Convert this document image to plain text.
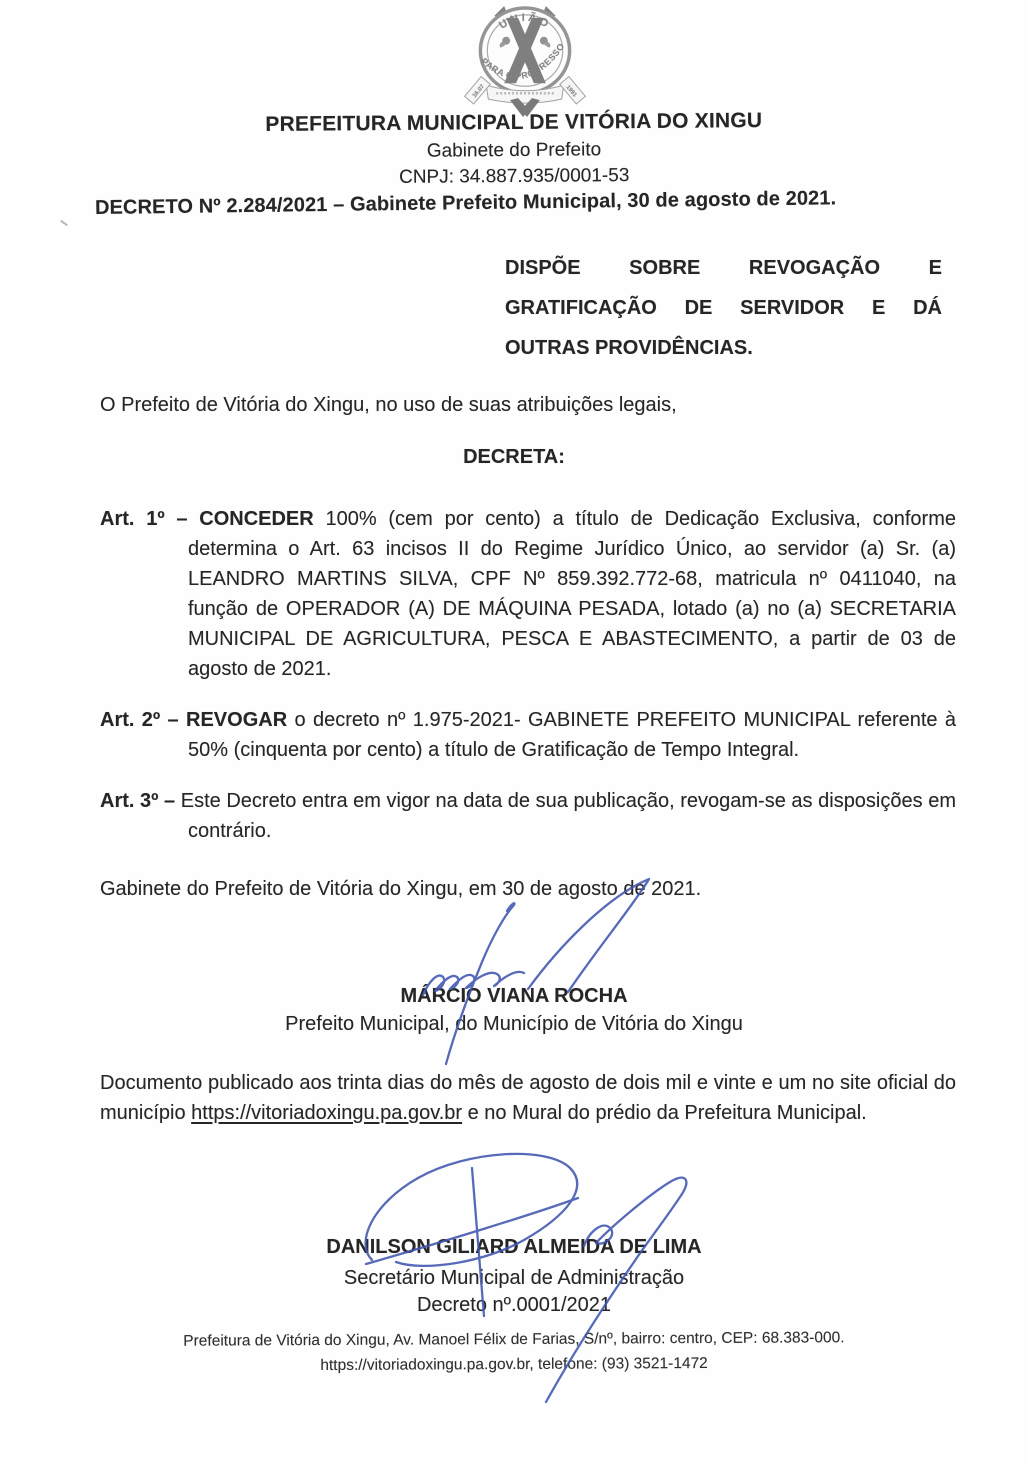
UNIÃO
PARA O PROGRESSO
16.07	1991
PREFEITURA MUNICIPAL DE VITÓRIA DO XINGU
Gabinete do Prefeito
CNPJ: 34.887.935/0001-53
DECRETO Nº 2.284/2021 – Gabinete Prefeito Municipal, 30 de agosto de 2021.
DISPÕE SOBRE REVOGAÇÃO E
GRATIFICAÇÃO DE SERVIDOR E DÁ
OUTRAS PROVIDÊNCIAS.
O Prefeito de Vitória do Xingu, no uso de suas atribuições legais,
DECRETA:
Art. 1º – CONCEDER 100% (cem por cento) a título de Dedicação Exclusiva, conforme determina o Art. 63 incisos II do Regime Jurídico Único, ao servidor (a) Sr. (a) LEANDRO MARTINS SILVA, CPF Nº 859.392.772-68, matricula nº 0411040, na função de OPERADOR (A) DE MÁQUINA PESADA, lotado (a) no (a) SECRETARIA MUNICIPAL DE AGRICULTURA, PESCA E ABASTECIMENTO, a partir de 03 de agosto de 2021.
Art. 2º – REVOGAR o decreto nº 1.975-2021- GABINETE PREFEITO MUNICIPAL referente à 50% (cinquenta por cento) a título de Gratificação de Tempo Integral.
Art. 3º – Este Decreto entra em vigor na data de sua publicação, revogam-se as disposições em contrário.
Gabinete do Prefeito de Vitória do Xingu, em 30 de agosto de 2021.
MÁRCIO VIANA ROCHA
Prefeito Municipal, do Município de Vitória do Xingu
Documento publicado aos trinta dias do mês de agosto de dois mil e vinte e um no site oficial do município https://vitoriadoxingu.pa.gov.br e no Mural do prédio da Prefeitura Municipal.
DANILSON GILIARD ALMEIDA DE LIMA
Secretário Municipal de Administração
Decreto nº.0001/2021
Prefeitura de Vitória do Xingu, Av. Manoel Félix de Farias, S/nº, bairro: centro, CEP: 68.383-000.
https://vitoriadoxingu.pa.gov.br, telefone: (93) 3521-1472
